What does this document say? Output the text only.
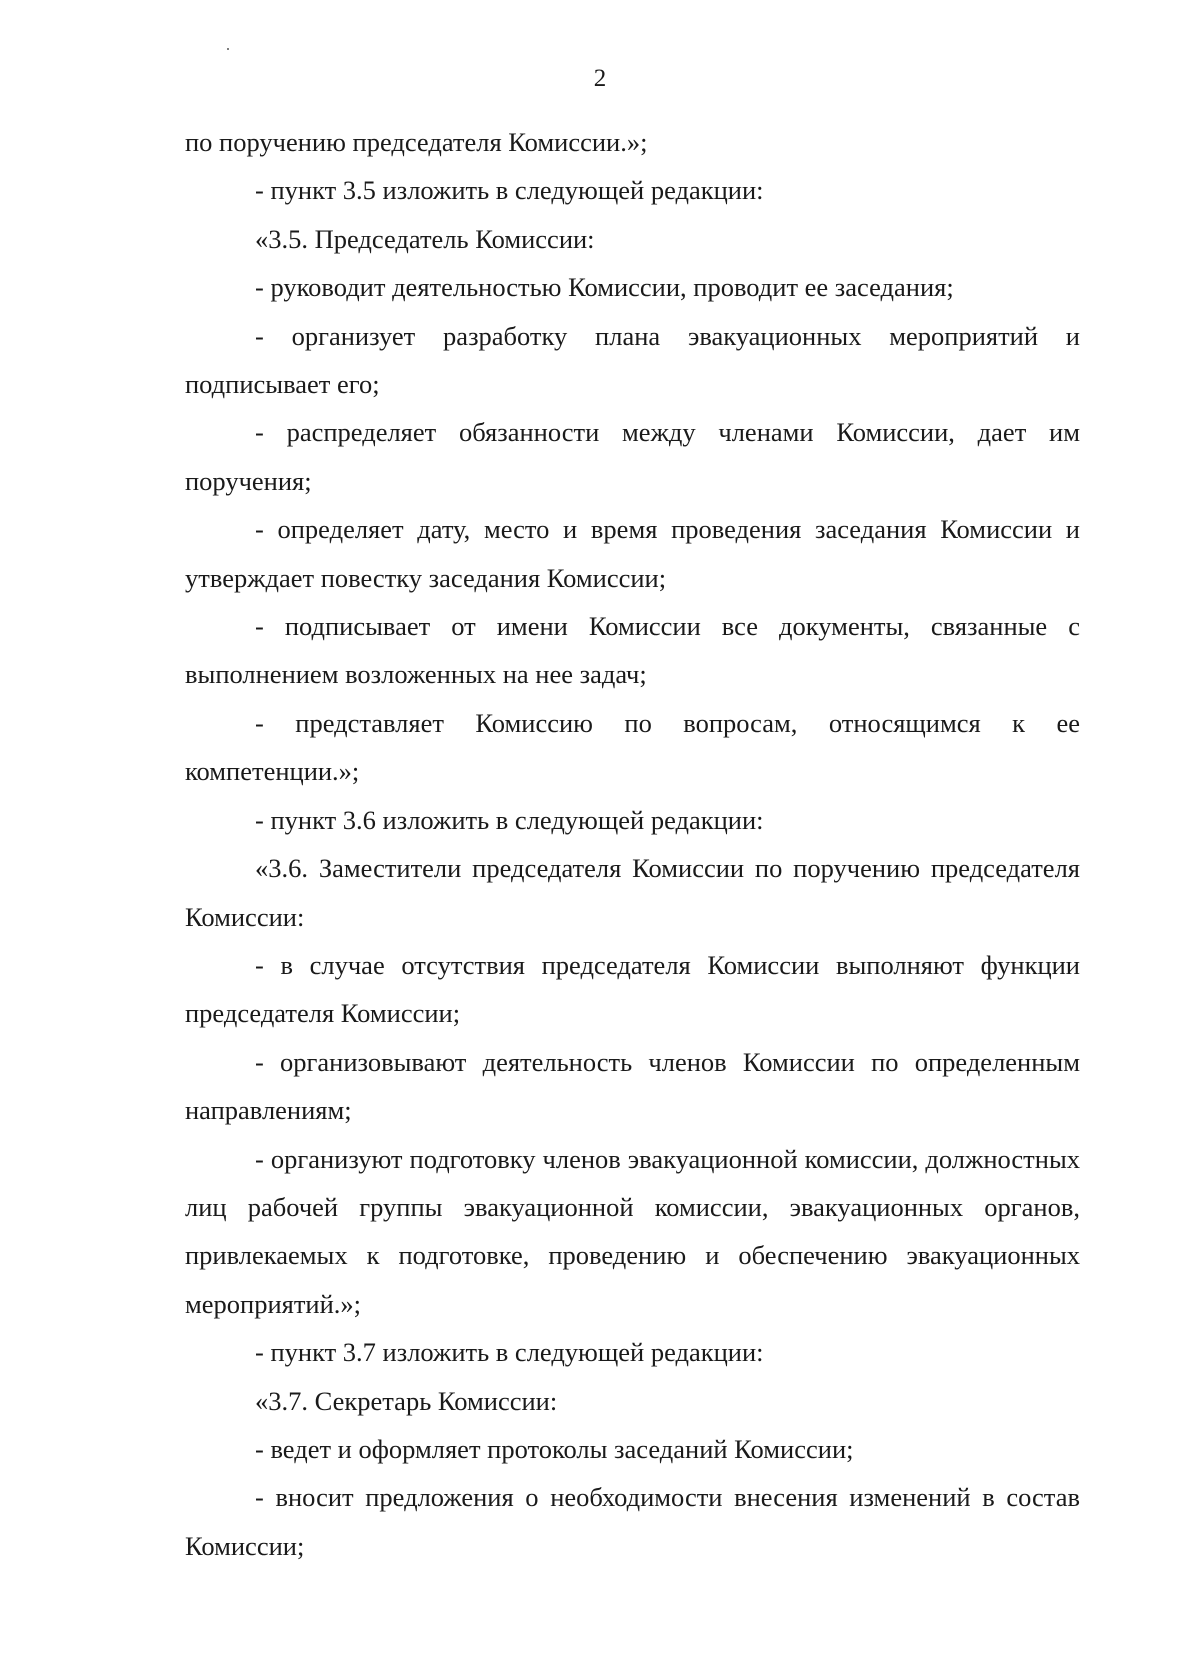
2

по поручению председателя Комиссии.»;

- пункт 3.5 изложить в следующей редакции:

«3.5. Председатель Комиссии:

- руководит деятельностью Комиссии, проводит ее заседания;

- организует разработку плана эвакуационных мероприятий и подписывает его;

- распределяет обязанности между членами Комиссии, дает им поручения;

- определяет дату, место и время проведения заседания Комиссии и утверждает повестку заседания Комиссии;

- подписывает от имени Комиссии все документы, связанные с выполнением возложенных на нее задач;

- представляет Комиссию по вопросам, относящимся к ее компетенции.»;

- пункт 3.6 изложить в следующей редакции:

«3.6. Заместители председателя Комиссии по поручению председателя Комиссии:

- в случае отсутствия председателя Комиссии выполняют функции председателя Комиссии;

- организовывают деятельность членов Комиссии по определенным направлениям;

- организуют подготовку членов эвакуационной комиссии, должностных лиц рабочей группы эвакуационной комиссии, эвакуационных органов, привлекаемых к подготовке, проведению и обеспечению эвакуационных мероприятий.»;

- пункт 3.7 изложить в следующей редакции:

«3.7. Секретарь Комиссии:

- ведет и оформляет протоколы заседаний Комиссии;

- вносит предложения о необходимости внесения изменений в состав Комиссии;
